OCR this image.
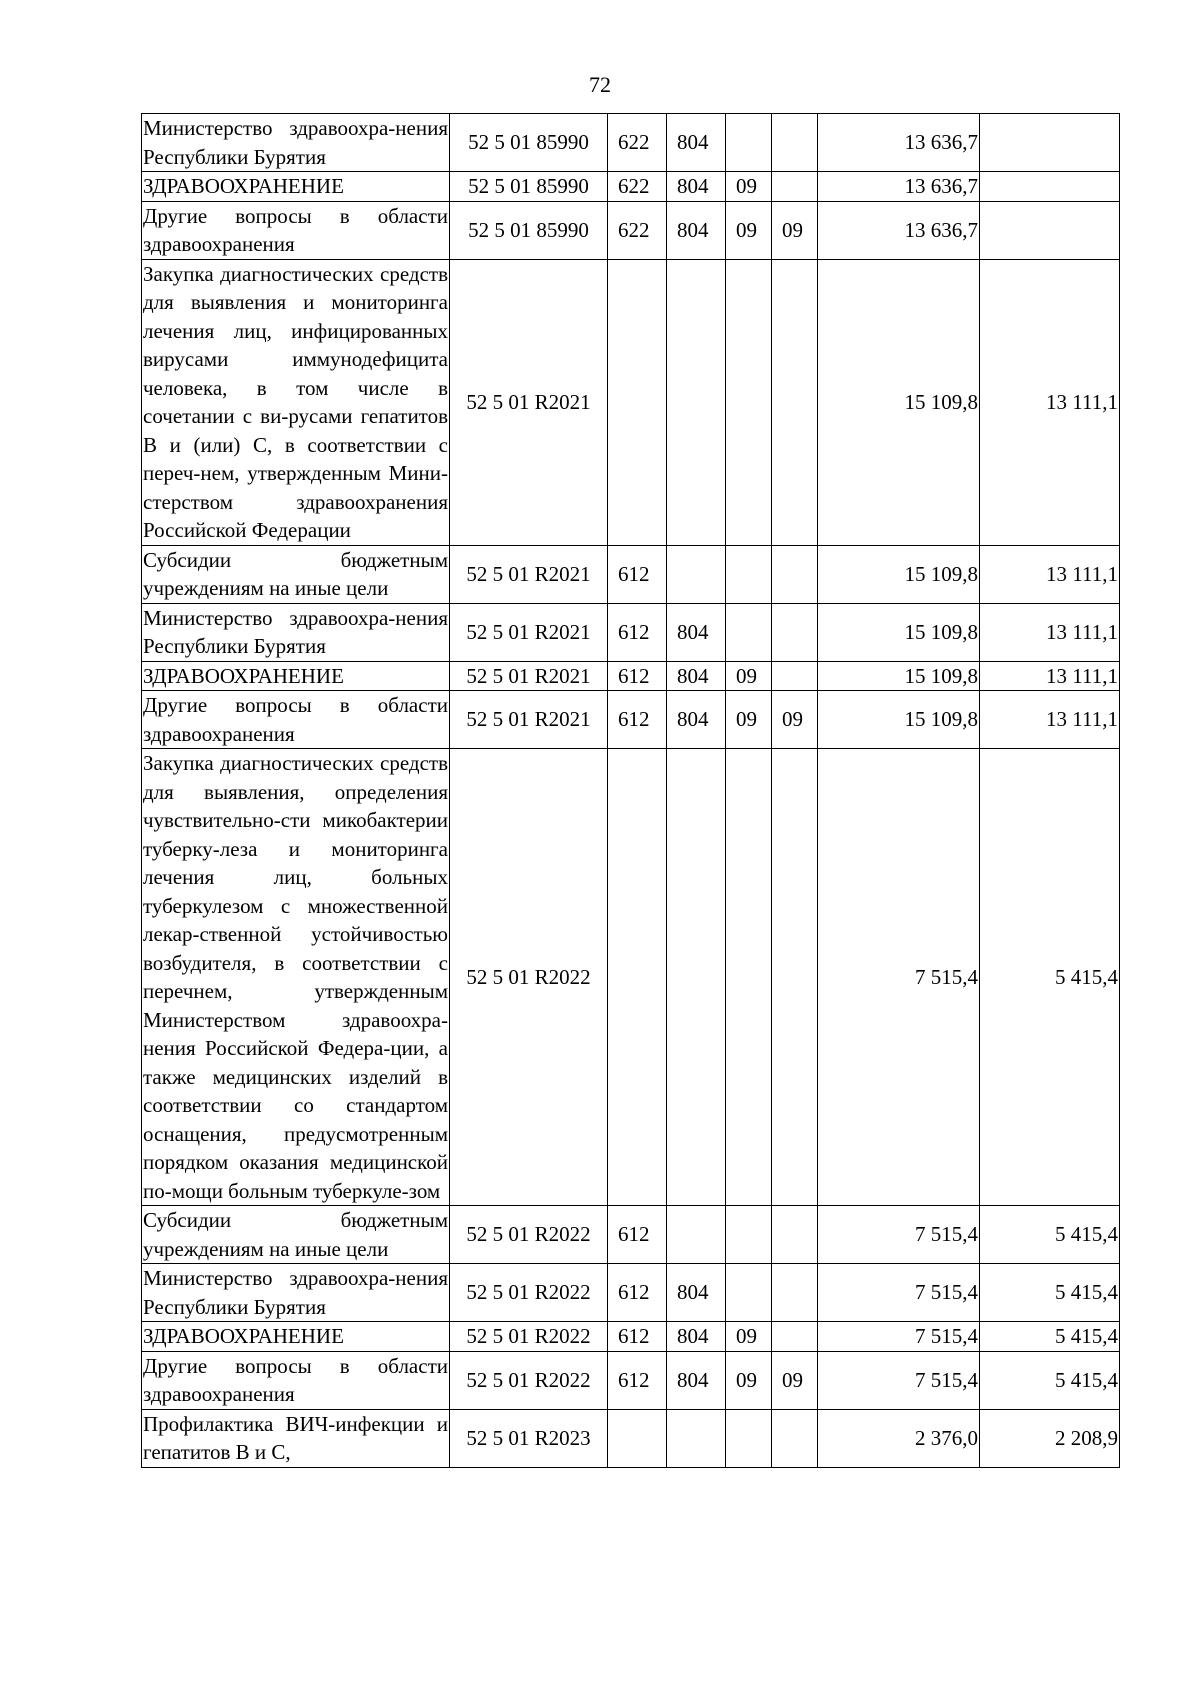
72
Министерство здравоохра-нения Республики Бурятия	52 5 01 85990	622	804			13 636,7	
ЗДРАВООХРАНЕНИЕ	52 5 01 85990	622	804	09		13 636,7	
Другие вопросы в области здравоохранения	52 5 01 85990	622	804	09	09	13 636,7	
Закупка диагностических средств для выявления и мониторинга лечения лиц, инфицированных вирусами иммунодефицита человека, в том числе в сочетании с ви-русами гепатитов B и (или) C, в соответствии с переч-нем, утвержденным Мини-стерством здравоохранения Российской Федерации	52 5 01 R2021					15 109,8	13 111,1
Субсидии бюджетным учреждениям на иные цели	52 5 01 R2021	612				15 109,8	13 111,1
Министерство здравоохра-нения Республики Бурятия	52 5 01 R2021	612	804			15 109,8	13 111,1
ЗДРАВООХРАНЕНИЕ	52 5 01 R2021	612	804	09		15 109,8	13 111,1
Другие вопросы в области здравоохранения	52 5 01 R2021	612	804	09	09	15 109,8	13 111,1
Закупка диагностических средств для выявления, определения чувствительно-сти микобактерии туберку-леза и мониторинга лечения лиц, больных туберкулезом с множественной лекар-ственной устойчивостью возбудителя, в соответствии с перечнем, утвержденным Министерством здравоохра-нения Российской Федера-ции, а также медицинских изделий в соответствии со стандартом оснащения, предусмотренным порядком оказания медицинской по-мощи больным туберкуле-зом	52 5 01 R2022					7 515,4	5 415,4
Субсидии бюджетным учреждениям на иные цели	52 5 01 R2022	612				7 515,4	5 415,4
Министерство здравоохра-нения Республики Бурятия	52 5 01 R2022	612	804			7 515,4	5 415,4
ЗДРАВООХРАНЕНИЕ	52 5 01 R2022	612	804	09		7 515,4	5 415,4
Другие вопросы в области здравоохранения	52 5 01 R2022	612	804	09	09	7 515,4	5 415,4
Профилактика ВИЧ-инфекции и гепатитов B и C,	52 5 01 R2023					2 376,0	2 208,9
